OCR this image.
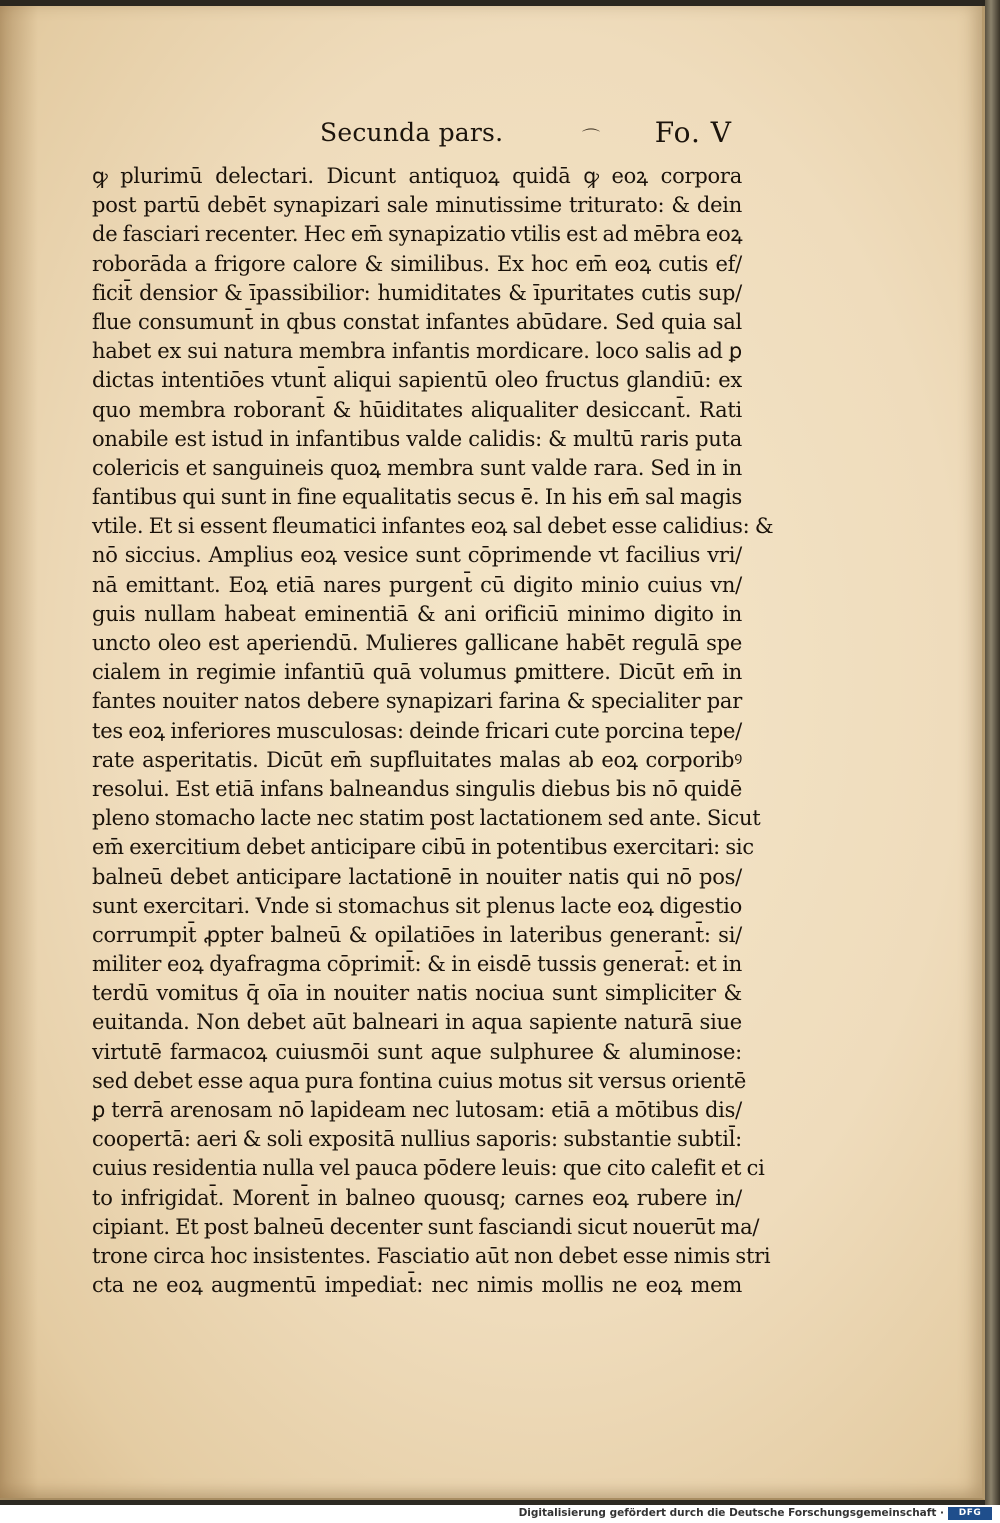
Secunda pars.	⌒ Fo. V
ꝙ plurimū delectari. Dicunt antiquoꝝ quidā ꝙ eoꝝ corpora
post partū debēt synapizari sale minutissime triturato: & dein
de fasciari recenter. Hec em̄ synapizatio vtilis est ad mēbra eoꝝ
roborāda a frigore calore & similibus. Ex hoc em̄ eoꝝ cutis ef/
ficit̄ densior & īpassibilior: humiditates & īpuritates cutis sup/
flue consumunt̄ in qbus constat infantes abūdare. Sed quia sal
habet ex sui natura membra infantis mordicare. loco salis ad ꝑ
dictas intentiōes vtunt̄ aliqui sapientū oleo fructus glandiū: ex
quo membra roborant̄ & hūiditates aliqualiter desiccant̄. Rati
onabile est istud in infantibus valde calidis: & multū raris puta
colericis et sanguineis quoꝝ membra sunt valde rara. Sed in in
fantibus qui sunt in fine equalitatis secus ē. In his em̄ sal magis
vtile. Et si essent fleumatici infantes eoꝝ sal debet esse calidius: &
nō siccius. Amplius eoꝝ vesice sunt cōprimende vt facilius vri/
nā emittant. Eoꝝ etiā nares purgent̄ cū digito minio cuius vn/
guis nullam habeat eminentiā & ani orificiū minimo digito in
uncto oleo est aperiendū. Mulieres gallicane habēt regulā spe
cialem in regimie infantiū quā volumus ꝑmittere. Dicūt em̄ in
fantes nouiter natos debere synapizari farina & specialiter par
tes eoꝝ inferiores musculosas: deinde fricari cute porcina tepe/
rate asperitatis. Dicūt em̄ supfluitates malas ab eoꝝ corporibꝰ
resolui. Est etiā infans balneandus singulis diebus bis nō quidē
pleno stomacho lacte nec statim post lactationem sed ante. Sicut
em̄ exercitium debet anticipare cibū in potentibus exercitari: sic
balneū debet anticipare lactationē in nouiter natis qui nō pos/
sunt exercitari. Vnde si stomachus sit plenus lacte eoꝝ digestio
corrumpit̄ ꝓpter balneū & opilatiōes in lateribus generant̄: si/
militer eoꝝ dyafragma cōprimit̄: & in eisdē tussis generat̄: et in
terdū vomitus q̄ oīa in nouiter natis nociua sunt simpliciter &
euitanda. Non debet aūt balneari in aqua sapiente naturā siue
virtutē farmacoꝝ cuiusmōi sunt aque sulphuree & aluminose:
sed debet esse aqua pura fontina cuius motus sit versus orientē
ꝑ terrā arenosam nō lapideam nec lutosam: etiā a mōtibus dis/
coopertā: aeri & soli expositā nullius saporis: substantie subtil̄:
cuius residentia nulla vel pauca pōdere leuis: que cito calefit et ci
to infrigidat̄. Morent̄ in balneo quousq; carnes eoꝝ rubere in/
cipiant. Et post balneū decenter sunt fasciandi sicut nouerūt ma/
trone circa hoc insistentes. Fasciatio aūt non debet esse nimis stri
cta ne eoꝝ augmentū impediat̄: nec nimis mollis ne eoꝝ mem
Digitalisierung gefördert durch die Deutsche Forschungsgemeinschaft ·	DFG
